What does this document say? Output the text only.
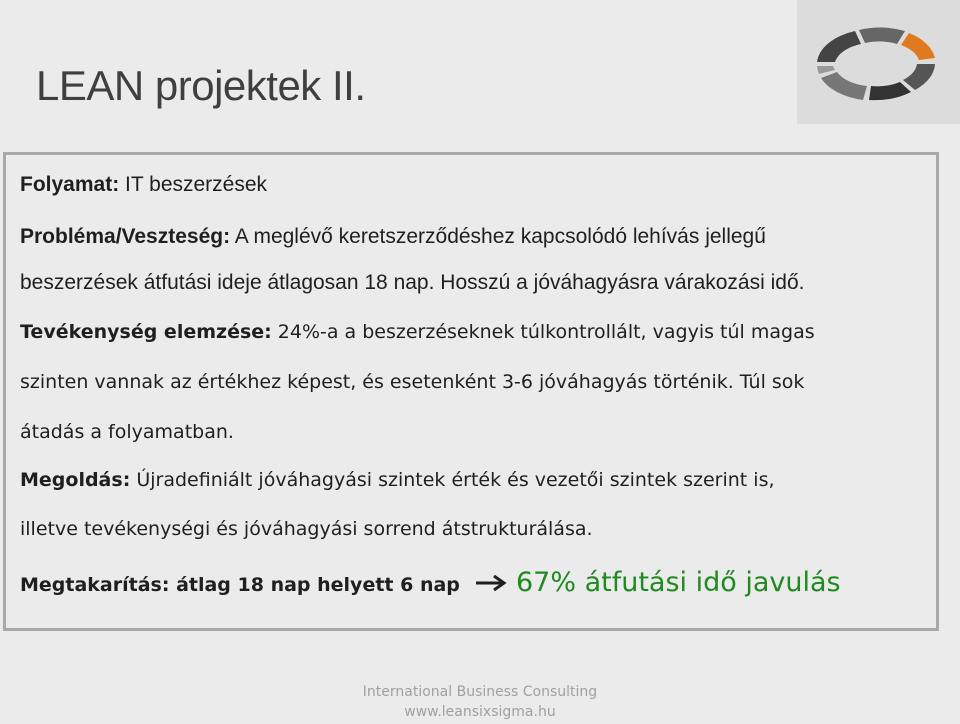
LEAN projektek II.
Folyamat: IT beszerzések
Probléma/Veszteség: A meglévő keretszerződéshez kapcsolódó lehívás jellegű
beszerzések átfutási ideje átlagosan 18 nap. Hosszú a jóváhagyásra várakozási idő.
Tevékenység elemzése: 24%-a a beszerzéseknek túlkontrollált, vagyis túl magas
szinten vannak az értékhez képest, és esetenként 3-6 jóváhagyás történik. Túl sok
átadás a folyamatban.
Megoldás: Újradefiniált jóváhagyási szintek érték és vezetői szintek szerint is,
illetve tevékenységi és jóváhagyási sorrend átstrukturálása.
Megtakarítás: átlag 18 nap helyett 6 nap 67% átfutási idő javulás
International Business Consulting
www.leansixsigma.hu
